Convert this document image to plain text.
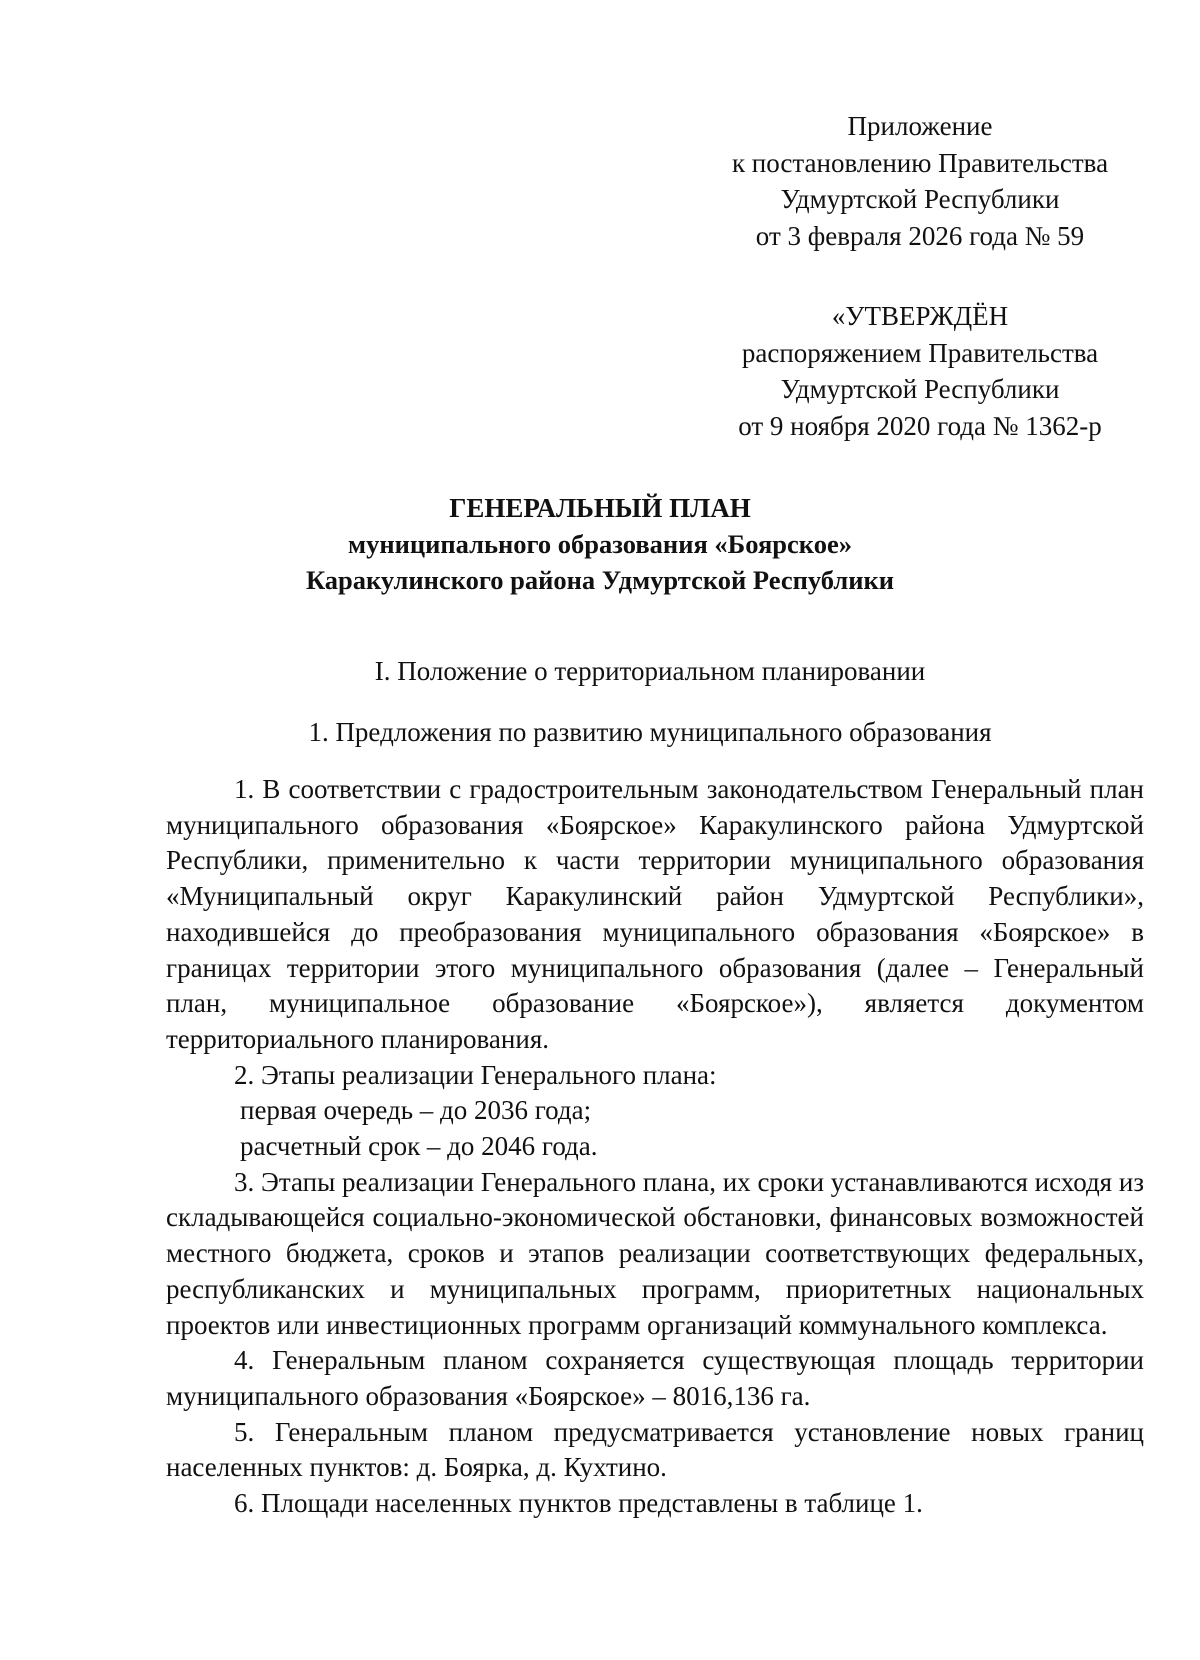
Приложение
к постановлению Правительства
Удмуртской Республики
от 3 февраля 2026 года № 59
«УТВЕРЖДЁН
распоряжением Правительства
Удмуртской Республики
от 9 ноября 2020 года № 1362-р
ГЕНЕРАЛЬНЫЙ ПЛАН
муниципального образования «Боярское»
Каракулинского района Удмуртской Республики
I. Положение о территориальном планировании
1. Предложения по развитию муниципального образования

1. В соответствии с градостроительным законодательством Генеральный план муниципального образования «Боярское» Каракулинского района Удмуртской Республики, применительно к части территории муниципального образования «Муниципальный округ Каракулинский район Удмуртской Республики», находившейся до преобразования муниципального образования «Боярское» в границах территории этого муниципального образования (далее – Генеральный план, муниципальное образование «Боярское»), является документом территориального планирования.

2. Этапы реализации Генерального плана:

первая очередь – до 2036 года;

расчетный срок – до 2046 года.

3. Этапы реализации Генерального плана, их сроки устанавливаются исходя из складывающейся социально-экономической обстановки, финансовых возможностей местного бюджета, сроков и этапов реализации соответствующих федеральных, республиканских и муниципальных программ, приоритетных национальных проектов или инвестиционных программ организаций коммунального комплекса.

4. Генеральным планом сохраняется существующая площадь территории муниципального образования «Боярское» – 8016,136 га.

5. Генеральным планом предусматривается установление новых границ населенных пунктов: д. Боярка, д. Кухтино.

6. Площади населенных пунктов представлены в таблице 1.
